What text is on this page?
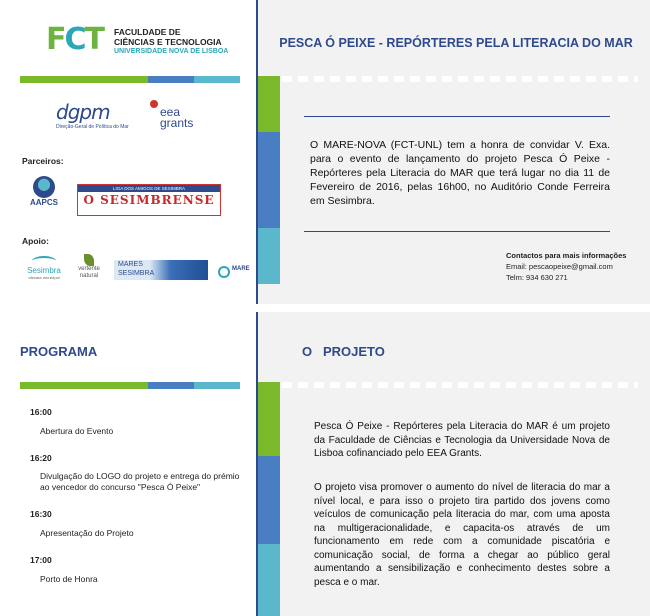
FCT FACULDADE DE
CIÊNCIAS E TECNOLOGIA
UNIVERSIDADE NOVA DE LISBOA
dgpm
Direção-Geral de Política do Mar
eea
grants
Parceiros:
AAPCS
LIGA DOS AMIGOS DE SESIMBRA
O SESIMBRENSE
Apoio:
Sesimbra
câmara municipal
vertente
natural
MARES
SESIMBRA
MARE
PESCA Ó PEIXE - REPÓRTERES PELA LITERACIA DO MAR
O MARE-NOVA (FCT-UNL) tem a honra de convidar V. Exa. para o evento de lançamento do projeto Pesca Ó Peixe - Repórteres pela Literacia do MAR que terá lugar no dia 11 de Fevereiro de 2016, pelas 16h00, no Auditório Conde Ferreira em Sesimbra.
Contactos para mais informações
Email: pescaopeixe@gmail.com
Telm: 934 630 271
PROGRAMA
16:00
Abertura do Evento
16:20
Divulgação do LOGO do projeto e entrega do prémio
ao vencedor do concurso "Pesca Ó Peixe"
16:30
Apresentação do Projeto
17:00
Porto de Honra
O   PROJETO
Pesca Ó Peixe - Repórteres pela Literacia do MAR é um projeto da Faculdade de Ciências e Tecnologia da Universidade Nova de Lisboa cofinanciado pelo EEA Grants.
O projeto visa promover o aumento do nível de literacia do mar a nível local, e para isso o projeto tira partido dos jovens como veículos de comunicação pela literacia do mar, com uma aposta na multigeracionalidade, e capacita-os através de um funcionamento em rede com a comunidade piscatória e comunicação social, de forma a chegar ao público geral aumentando a sensibilização e conhecimento destes sobre a pesca e o mar.
